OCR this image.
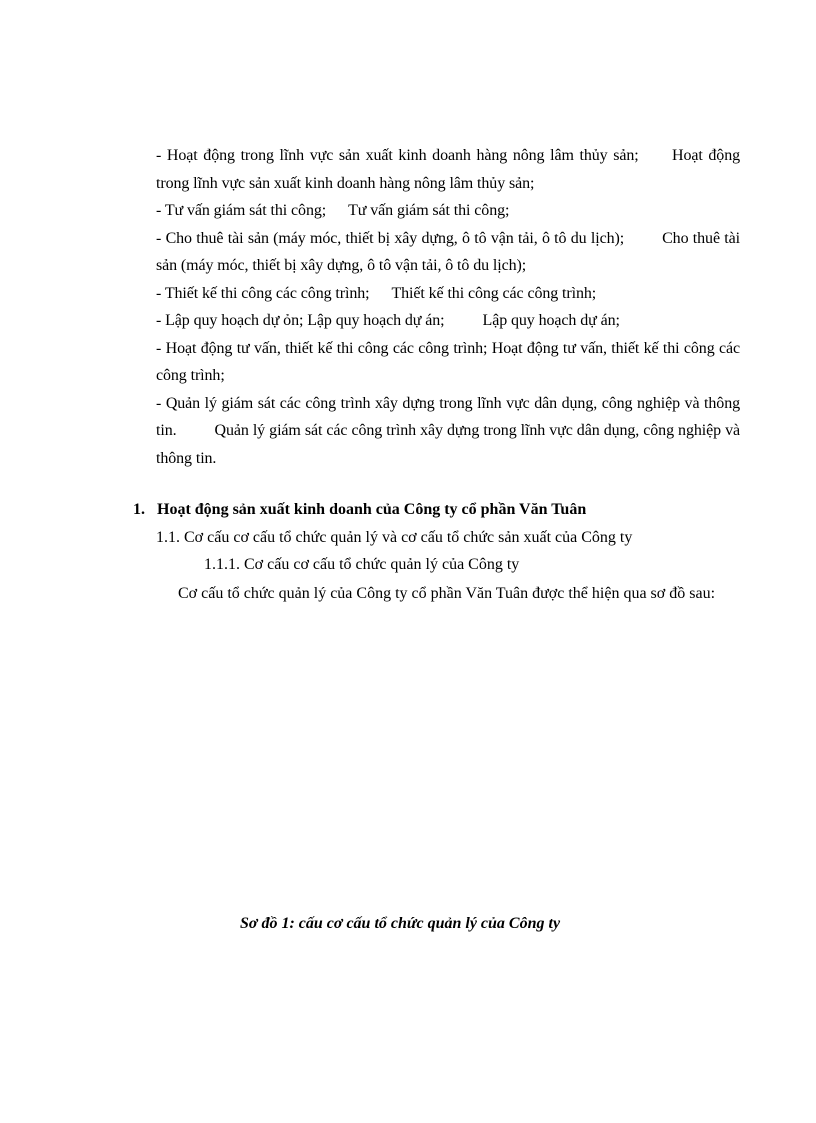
- Hoạt động trong lĩnh vực sản xuất kinh doanh hàng nông lâm thủy sản; Hoạt động trong lĩnh vực sản xuất kinh doanh hàng nông lâm thủy sản;

- Tư vấn giám sát thi công; Tư vấn giám sát thi công;

- Cho thuê tài sản (máy móc, thiết bị xây dựng, ô tô vận tải, ô tô du lịch); Cho thuê tài sản (máy móc, thiết bị xây dựng, ô tô vận tải, ô tô du lịch);

- Thiết kế thi công các công trình; Thiết kế thi công các công trình;

- Lập quy hoạch dự ỏn; Lập quy hoạch dự án; Lập quy hoạch dự án;

- Hoạt động tư vấn, thiết kế thi công các công trình; Hoạt động tư vấn, thiết kế thi công các công trình;

- Quản lý giám sát các công trình xây dựng trong lĩnh vực dân dụng, công nghiệp và thông tin. Quản lý giám sát các công trình xây dựng trong lĩnh vực dân dụng, công nghiệp và thông tin.

1. Hoạt động sản xuất kinh doanh của Công ty cổ phần Văn Tuân
1.1. Cơ cấu cơ cấu tổ chức quản lý và cơ cấu tổ chức sản xuất của Công ty
1.1.1. Cơ cấu cơ cấu tổ chức quản lý của Công ty

Cơ cấu tổ chức quản lý của Công ty cổ phần Văn Tuân được thể hiện qua sơ đồ sau:

Sơ đồ 1: cấu cơ cấu tổ chức quản lý của Công ty
